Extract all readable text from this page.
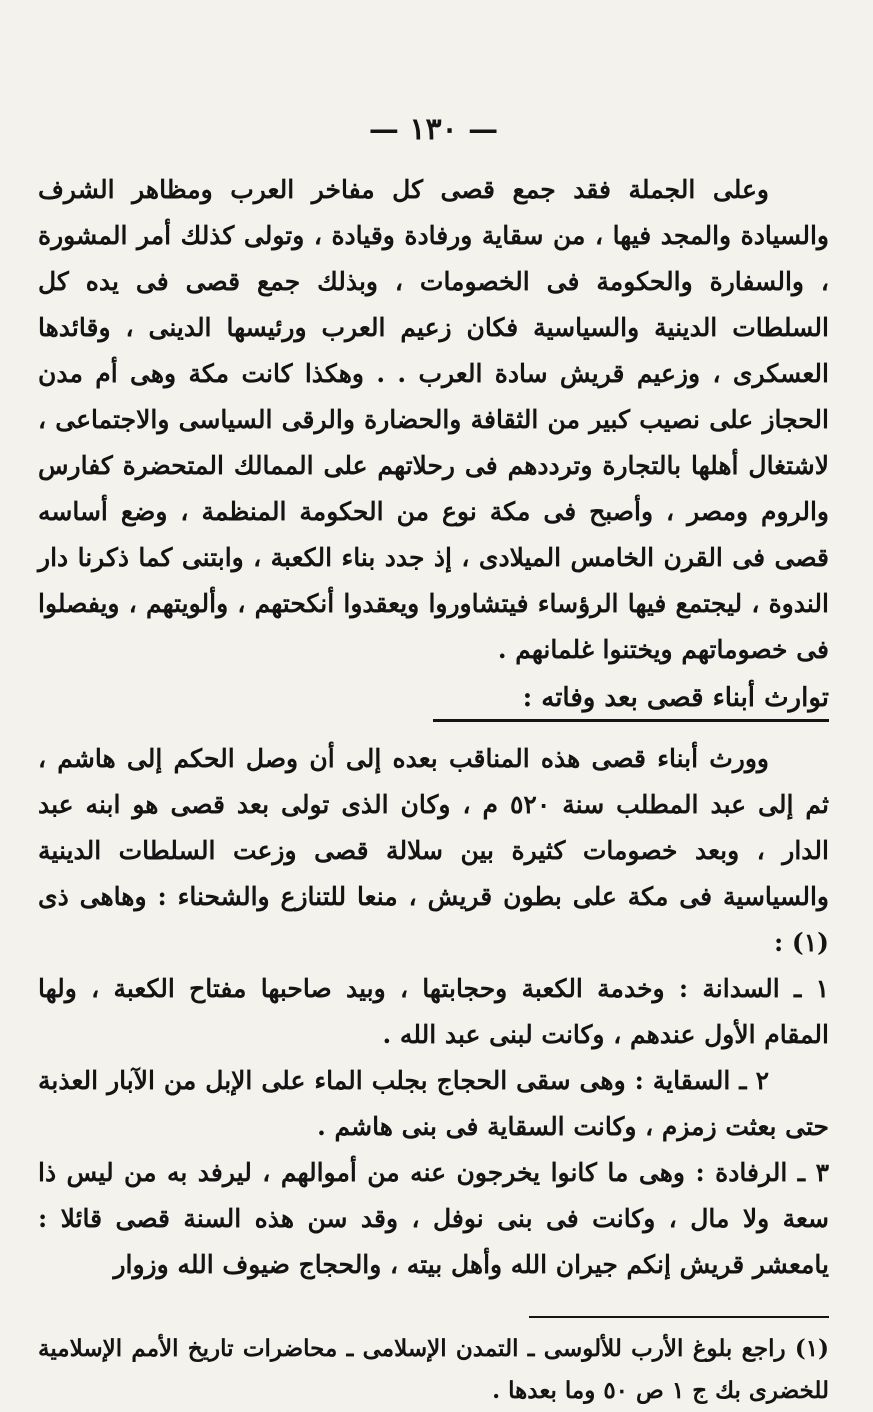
— ١٣٠ —

وعلى الجملة فقد جمع قصى كل مفاخر العرب ومظاهر الشرف والسيادة والمجد فيها ، من سقاية ورفادة وقيادة ، وتولى كذلك أمر المشورة ، والسفارة والحكومة فى الخصومات ، وبذلك جمع قصى فى يده كل السلطات الدينية والسياسية فكان زعيم العرب ورئيسها الدينى ، وقائدها العسكرى ، وزعيم قريش سادة العرب . . وهكذا كانت مكة وهى أم مدن الحجاز على نصيب كبير من الثقافة والحضارة والرقى السياسى والاجتماعى ، لاشتغال أهلها بالتجارة وترددهم فى رحلاتهم على الممالك المتحضرة كفارس والروم ومصر ، وأصبح فى مكة نوع من الحكومة المنظمة ، وضع أساسه قصى فى القرن الخامس الميلادى ، إذ جدد بناء الكعبة ، وابتنى كما ذكرنا دار الندوة ، ليجتمع فيها الرؤساء فيتشاوروا ويعقدوا أنكحتهم ، وألويتهم ، ويفصلوا فى خصوماتهم ويختنوا غلمانهم .

توارث أبناء قصى بعد وفاته :

وورث أبناء قصى هذه المناقب بعده إلى أن وصل الحكم إلى هاشم ، ثم إلى عبد المطلب سنة ٥٢٠ م ، وكان الذى تولى بعد قصى هو ابنه عبد الدار ، وبعد خصومات كثيرة بين سلالة قصى وزعت السلطات الدينية والسياسية فى مكة على بطون قريش ، منعا للتنازع والشحناء : وهاهى ذى (١) :

١ ـ السدانة : وخدمة الكعبة وحجابتها ، وبيد صاحبها مفتاح الكعبة ، ولها المقام الأول عندهم ، وكانت لبنى عبد الله .

٢ ـ السقاية : وهى سقى الحجاج بجلب الماء على الإبل من الآبار العذبة حتى بعثت زمزم ، وكانت السقاية فى بنى هاشم .

٣ ـ الرفادة : وهى ما كانوا يخرجون عنه من أموالهم ، ليرفد به من ليس ذا سعة ولا مال ، وكانت فى بنى نوفل ، وقد سن هذه السنة قصى قائلا : يامعشر قريش إنكم جيران الله وأهل بيته ، والحجاج ضيوف الله وزوار

(١) راجع بلوغ الأرب للألوسى ـ التمدن الإسلامى ـ محاضرات تاريخ الأمم الإسلامية للخضرى بك ج ١ ص ٥٠ وما بعدها .
